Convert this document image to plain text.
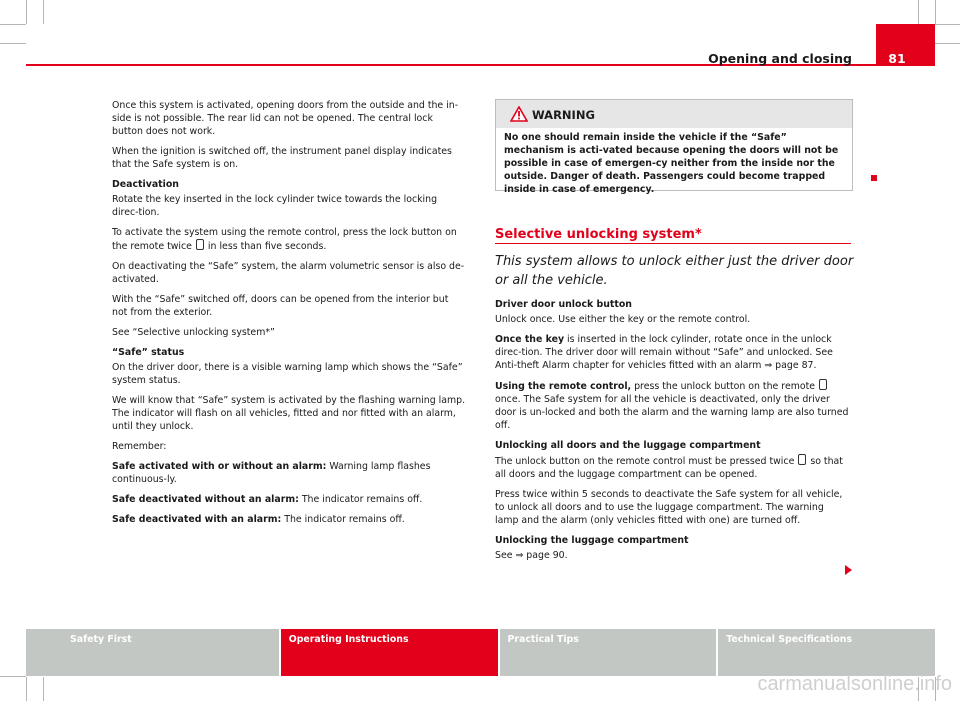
Opening and closing	81

Once this system is activated, opening doors from the outside and the in-side is not possible. The rear lid can not be opened. The central lock button does not work.

When the ignition is switched off, the instrument panel display indicates that the Safe system is on.

Deactivation

Rotate the key inserted in the lock cylinder twice towards the locking direc-tion.

To activate the system using the remote control, press the lock button on the remote twice in less than five seconds.

On deactivating the “Safe” system, the alarm volumetric sensor is also de-activated.

With the “Safe” switched off, doors can be opened from the interior but not from the exterior.

See “Selective unlocking system*”

“Safe” status

On the driver door, there is a visible warning lamp which shows the “Safe” system status.

We will know that “Safe” system is activated by the flashing warning lamp. The indicator will flash on all vehicles, fitted and nor fitted with an alarm, until they unlock.

Remember:

Safe activated with or without an alarm: Warning lamp flashes continuous-ly.

Safe deactivated without an alarm: The indicator remains off.

Safe deactivated with an alarm: The indicator remains off.

WARNING
No one should remain inside the vehicle if the “Safe” mechanism is acti-vated because opening the doors will not be possible in case of emergen-cy neither from the inside nor the outside. Danger of death. Passengers could become trapped inside in case of emergency.
Selective unlocking system*
This system allows to unlock either just the driver door or all the vehicle.

Driver door unlock button

Unlock once. Use either the key or the remote control.

Once the key is inserted in the lock cylinder, rotate once in the unlock direc-tion. The driver door will remain without “Safe” and unlocked. See Anti-theft Alarm chapter for vehicles fitted with an alarm ⇒ page 87.

Using the remote control, press the unlock button on the remote  once. The Safe system for all the vehicle is deactivated, only the driver door is un-locked and both the alarm and the warning lamp are also turned off.

Unlocking all doors and the luggage compartment

The unlock button on the remote control must be pressed twice so that all doors and the luggage compartment can be opened.

Press twice within 5 seconds to deactivate the Safe system for all vehicle, to unlock all doors and to use the luggage compartment. The warning lamp and the alarm (only vehicles fitted with one) are turned off.

Unlocking the luggage compartment

See ⇒ page 90.

Safety First	Operating Instructions	Practical Tips	Technical Specifications
carmanualsonline.info
